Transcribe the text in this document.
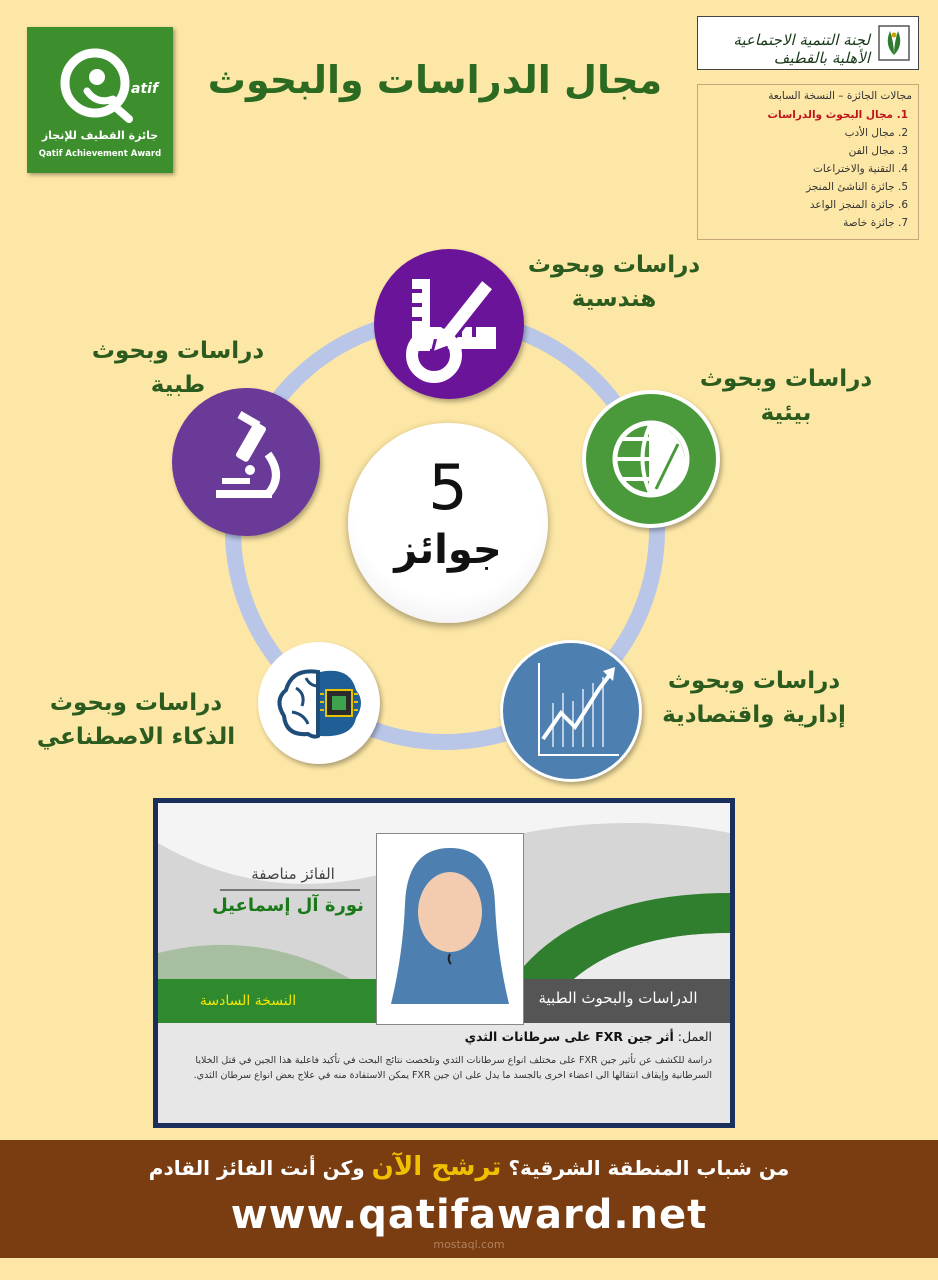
atif
جائزة القطيف للإنجاز
Qatif Achievement Award
مجال الدراسات والبحوث
لجنة التنمية الاجتماعية الأهلية بالقطيف
مجالات الجائزة – النسخة السابعة
1. مجال البحوث والدراسات
2. مجال الأدب
3. مجال الفن
4. التقنية والاختراعات
5. جائزة الناشئ المنجز
6. جائزة المنجز الواعد
7. جائزة خاصة
5
جوائز
دراسات وبحوث
هندسية
دراسات وبحوث
بيئية
دراسات وبحوث
إدارية واقتصادية
دراسات وبحوث
الذكاء الاصطناعي
دراسات وبحوث
طبية
الفائز مناصفة
نورة آل إسماعيل
النسخة السادسة	الدراسات والبحوث الطبية
العمل: أثر جين FXR على سرطانات الثدي
دراسة للكشف عن تأثير جين FXR على مختلف انواع سرطانات الثدي وتلخصت نتائج البحث في تأكيد فاعلية هذا الجين في قتل الخلايا السرطانية وإيقاف انتقالها الى اعضاء اخرى بالجسد ما يدل على ان جين FXR يمكن الاستفادة منه في علاج بعض انواع سرطان الثدي.
من شباب المنطقة الشرقية؟ ترشح الآن وكن أنت الفائز القادم
www.qatifaward.net
mostaql.com
